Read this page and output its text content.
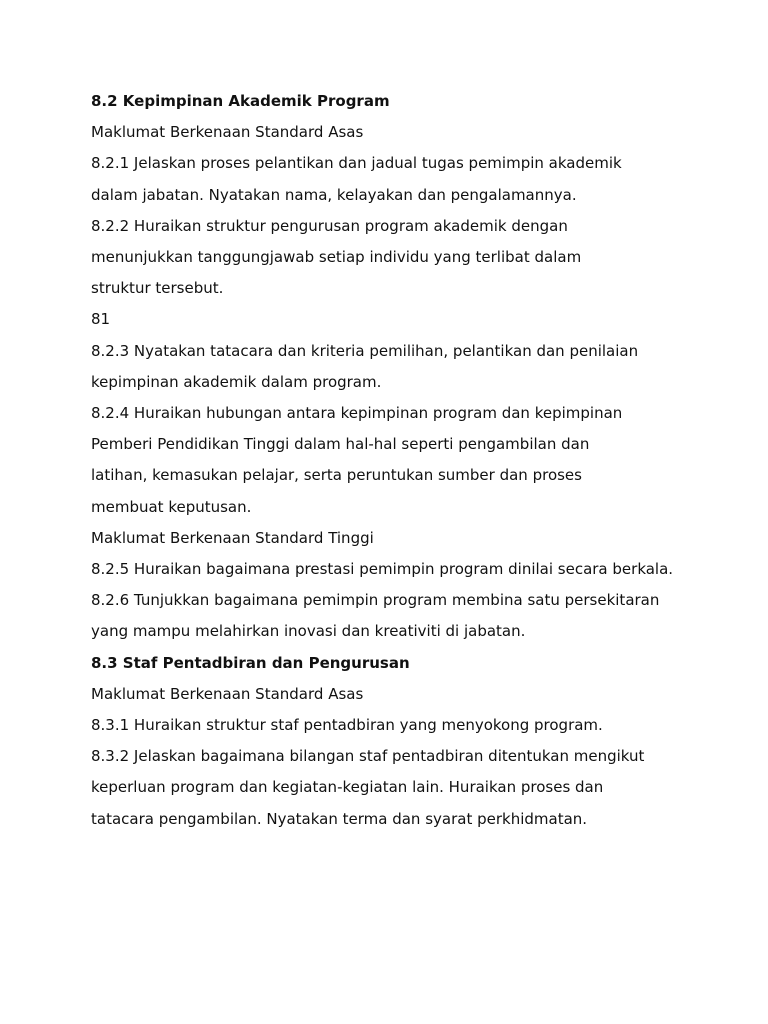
8.2 Kepimpinan Akademik Program
Maklumat Berkenaan Standard Asas
8.2.1 Jelaskan proses pelantikan dan jadual tugas pemimpin akademik
dalam jabatan. Nyatakan nama, kelayakan dan pengalamannya.
8.2.2 Huraikan struktur pengurusan program akademik dengan
menunjukkan tanggungjawab setiap individu yang terlibat dalam
struktur tersebut.
81
8.2.3 Nyatakan tatacara dan kriteria pemilihan, pelantikan dan penilaian
kepimpinan akademik dalam program.
8.2.4 Huraikan hubungan antara kepimpinan program dan kepimpinan
Pemberi Pendidikan Tinggi dalam hal-hal seperti pengambilan dan
latihan, kemasukan pelajar, serta peruntukan sumber dan proses
membuat keputusan.
Maklumat Berkenaan Standard Tinggi
8.2.5 Huraikan bagaimana prestasi pemimpin program dinilai secara berkala.
8.2.6 Tunjukkan bagaimana pemimpin program membina satu persekitaran
yang mampu melahirkan inovasi dan kreativiti di jabatan.
8.3 Staf Pentadbiran dan Pengurusan
Maklumat Berkenaan Standard Asas
8.3.1 Huraikan struktur staf pentadbiran yang menyokong program.
8.3.2 Jelaskan bagaimana bilangan staf pentadbiran ditentukan mengikut
keperluan program dan kegiatan-kegiatan lain. Huraikan proses dan
tatacara pengambilan. Nyatakan terma dan syarat perkhidmatan.
